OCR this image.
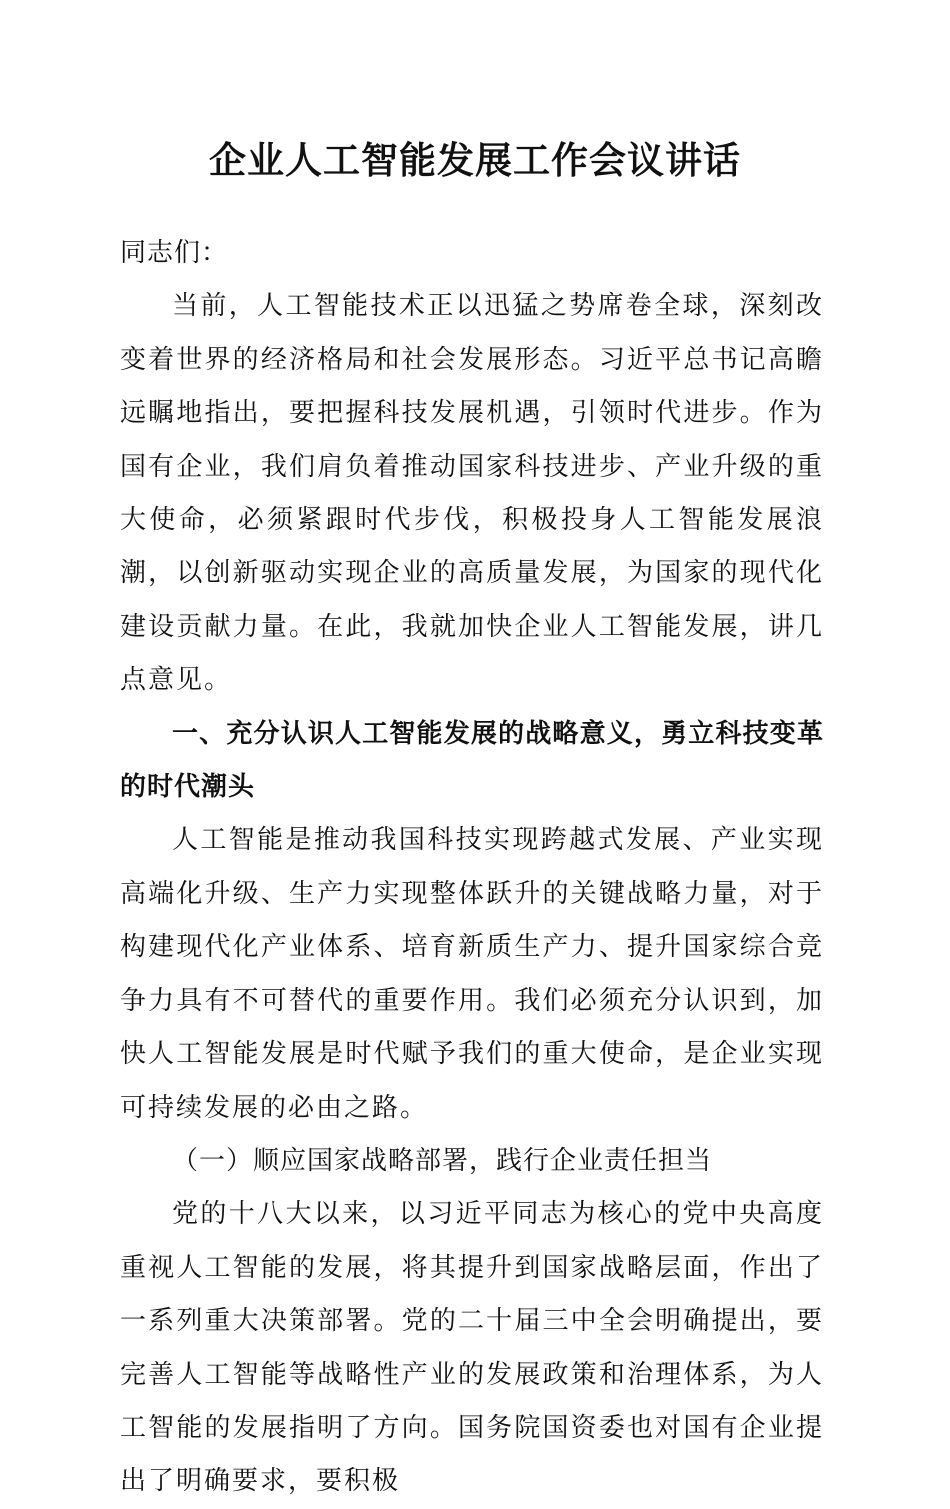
企业人工智能发展工作会议讲话

同志们：

当前，人工智能技术正以迅猛之势席卷全球，深刻改变着世界的经济格局和社会发展形态。习近平总书记高瞻远瞩地指出，要把握科技发展机遇，引领时代进步。作为国有企业，我们肩负着推动国家科技进步、产业升级的重大使命，必须紧跟时代步伐，积极投身人工智能发展浪潮，以创新驱动实现企业的高质量发展，为国家的现代化建设贡献力量。在此，我就加快企业人工智能发展，讲几点意见。

一、充分认识人工智能发展的战略意义，勇立科技变革的时代潮头

人工智能是推动我国科技实现跨越式发展、产业实现高端化升级、生产力实现整体跃升的关键战略力量，对于构建现代化产业体系、培育新质生产力、提升国家综合竞争力具有不可替代的重要作用。我们必须充分认识到，加快人工智能发展是时代赋予我们的重大使命，是企业实现可持续发展的必由之路。

（一）顺应国家战略部署，践行企业责任担当

党的十八大以来，以习近平同志为核心的党中央高度重视人工智能的发展，将其提升到国家战略层面，作出了一系列重大决策部署。党的二十届三中全会明确提出，要完善人工智能等战略性产业的发展政策和治理体系，为人工智能的发展指明了方向。国务院国资委也对国有企业提出了明确要求，要积极
